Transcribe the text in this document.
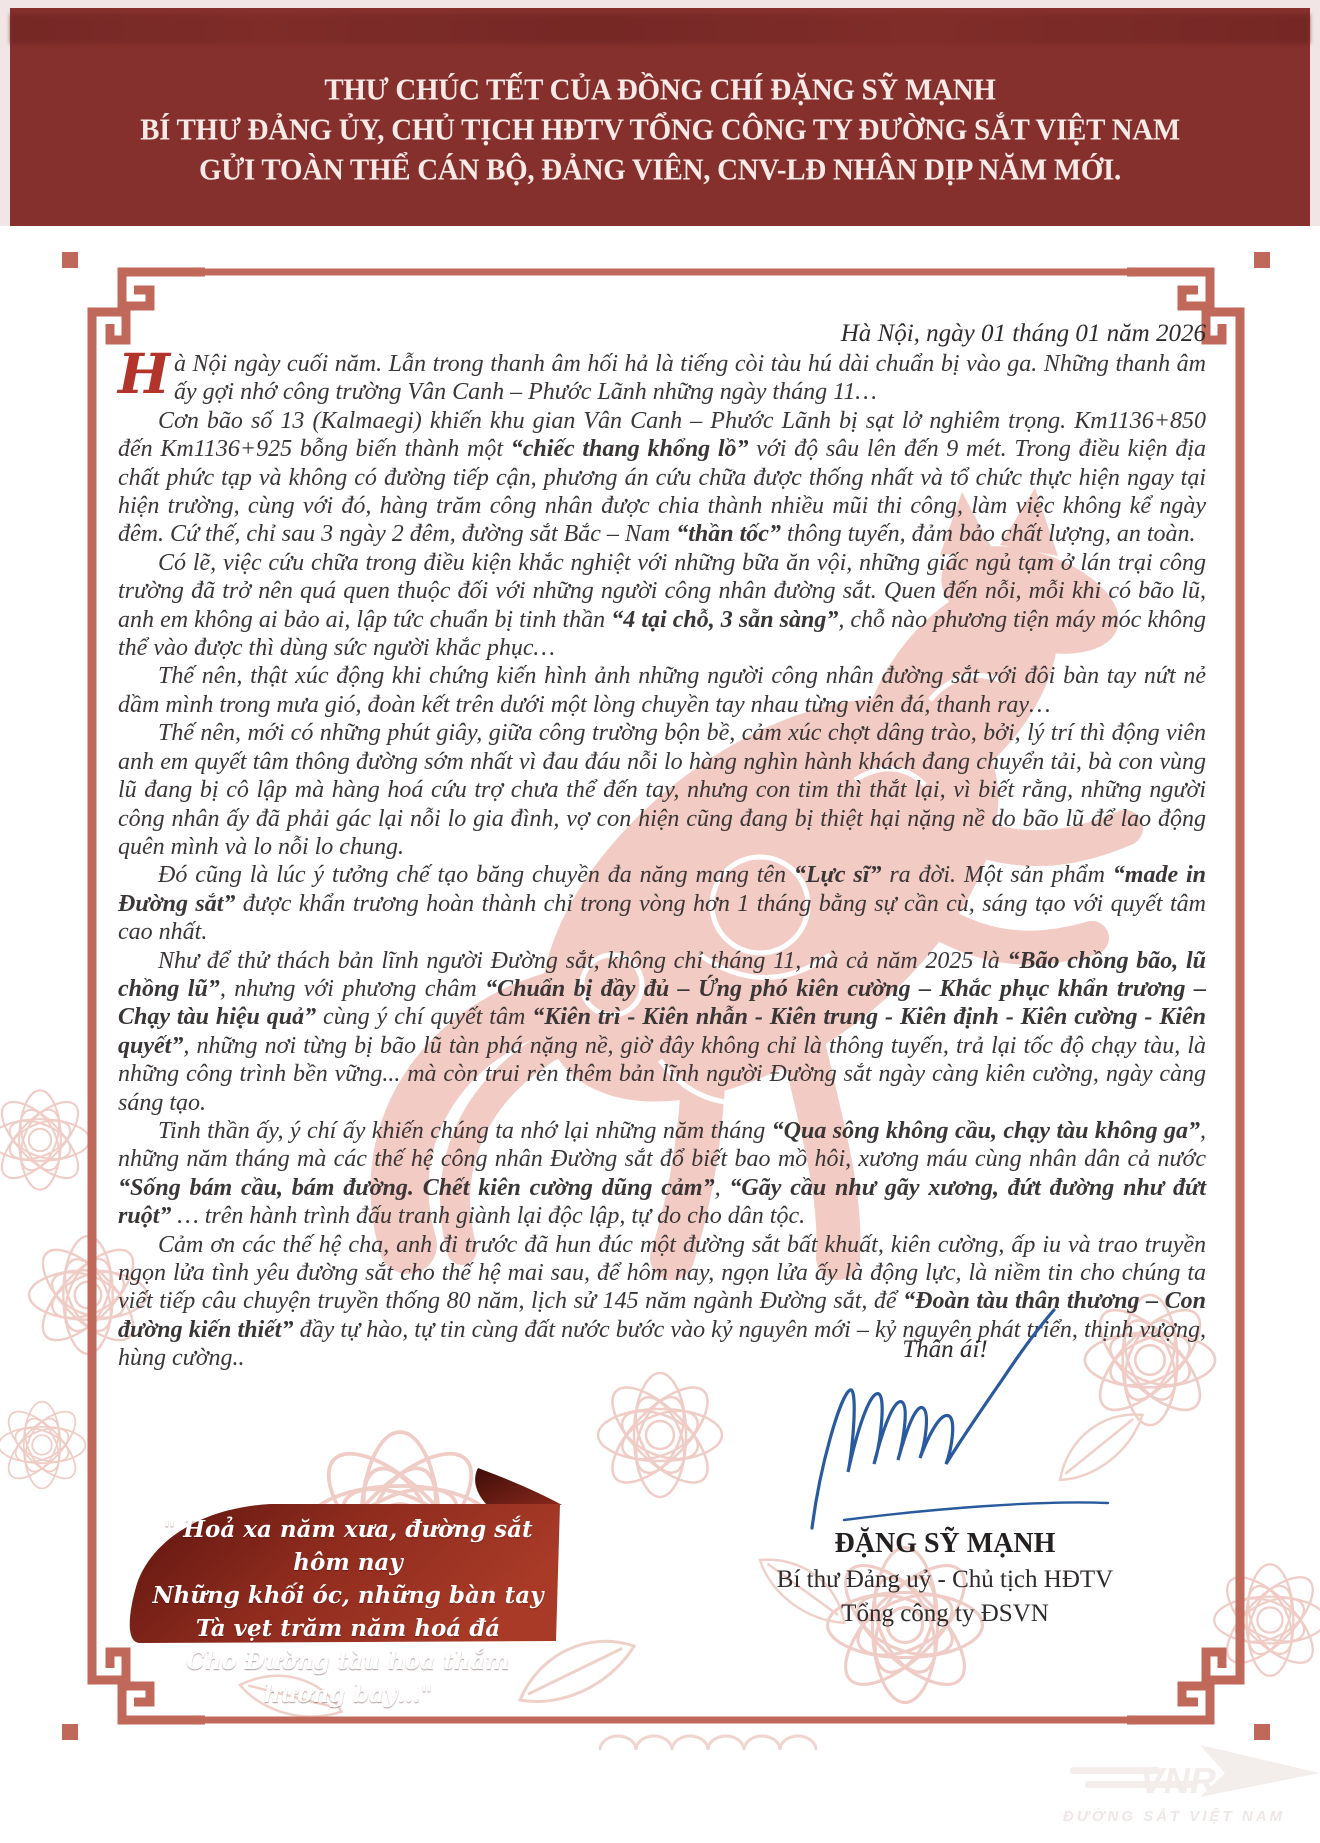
VNR
ĐƯỜNG SẮT VIỆT NAM
THƯ CHÚC TẾT CỦA ĐỒNG CHÍ ĐẶNG SỸ MẠNH
BÍ THƯ ĐẢNG ỦY, CHỦ TỊCH HĐTV TỔNG CÔNG TY ĐƯỜNG SẮT VIỆT NAM
GỬI TOÀN THỂ CÁN BỘ, ĐẢNG VIÊN, CNV-LĐ NHÂN DỊP NĂM MỚI.
Hà Nội, ngày 01 tháng 01 năm 2026

Hà Nội ngày cuối năm. Lẫn trong thanh âm hối hả là tiếng còi tàu hú dài chuẩn bị vào ga. Những thanh âm ấy gợi nhớ công trường Vân Canh – Phước Lãnh những ngày tháng 11…

Cơn bão số 13 (Kalmaegi) khiến khu gian Vân Canh – Phước Lãnh bị sạt lở nghiêm trọng. Km1136+850 đến Km1136+925 bỗng biến thành một “chiếc thang khổng lồ” với độ sâu lên đến 9 mét. Trong điều kiện địa chất phức tạp và không có đường tiếp cận, phương án cứu chữa được thống nhất và tổ chức thực hiện ngay tại hiện trường, cùng với đó, hàng trăm công nhân được chia thành nhiều mũi thi công, làm việc không kể ngày đêm. Cứ thế, chỉ sau 3 ngày 2 đêm, đường sắt Bắc – Nam “thần tốc” thông tuyến, đảm bảo chất lượng, an toàn.

Có lẽ, việc cứu chữa trong điều kiện khắc nghiệt với những bữa ăn vội, những giấc ngủ tạm ở lán trại công trường đã trở nên quá quen thuộc đối với những người công nhân đường sắt. Quen đến nỗi, mỗi khi có bão lũ, anh em không ai bảo ai, lập tức chuẩn bị tinh thần “4 tại chỗ, 3 sẵn sàng”, chỗ nào phương tiện máy móc không thể vào được thì dùng sức người khắc phục…

Thế nên, thật xúc động khi chứng kiến hình ảnh những người công nhân đường sắt với đôi bàn tay nứt nẻ dầm mình trong mưa gió, đoàn kết trên dưới một lòng chuyền tay nhau từng viên đá, thanh ray…

Thế nên, mới có những phút giây, giữa công trường bộn bề, cảm xúc chợt dâng trào, bởi, lý trí thì động viên anh em quyết tâm thông đường sớm nhất vì đau đáu nỗi lo hàng nghìn hành khách đang chuyển tải, bà con vùng lũ đang bị cô lập mà hàng hoá cứu trợ chưa thể đến tay, nhưng con tim thì thắt lại, vì biết rằng, những người công nhân ấy đã phải gác lại nỗi lo gia đình, vợ con hiện cũng đang bị thiệt hại nặng nề do bão lũ để lao động quên mình và lo nỗi lo chung.

Đó cũng là lúc ý tưởng chế tạo băng chuyền đa năng mang tên “Lực sĩ” ra đời. Một sản phẩm “made in Đường sắt” được khẩn trương hoàn thành chỉ trong vòng hơn 1 tháng bằng sự cần cù, sáng tạo với quyết tâm cao nhất.

Như để thử thách bản lĩnh người Đường sắt, không chỉ tháng 11, mà cả năm 2025 là “Bão chồng bão, lũ chồng lũ”, nhưng với phương châm “Chuẩn bị đầy đủ – Ứng phó kiên cường – Khắc phục khẩn trương – Chạy tàu hiệu quả” cùng ý chí quyết tâm “Kiên trì - Kiên nhẫn - Kiên trung - Kiên định - Kiên cường - Kiên quyết”, những nơi từng bị bão lũ tàn phá nặng nề, giờ đây không chỉ là thông tuyến, trả lại tốc độ chạy tàu, là những công trình bền vững... mà còn trui rèn thêm bản lĩnh người Đường sắt ngày càng kiên cường, ngày càng sáng tạo.

Tinh thần ấy, ý chí ấy khiến chúng ta nhớ lại những năm tháng “Qua sông không cầu, chạy tàu không ga”, những năm tháng mà các thế hệ công nhân Đường sắt đổ biết bao mồ hôi, xương máu cùng nhân dân cả nước “Sống bám cầu, bám đường. Chết kiên cường dũng cảm”, “Gãy cầu như gãy xương, đứt đường như đứt ruột” … trên hành trình đấu tranh giành lại độc lập, tự do cho dân tộc.

Cảm ơn các thế hệ cha, anh đi trước đã hun đúc một đường sắt bất khuất, kiên cường, ấp iu và trao truyền ngọn lửa tình yêu đường sắt cho thế hệ mai sau, để hôm nay, ngọn lửa ấy là động lực, là niềm tin cho chúng ta viết tiếp câu chuyện truyền thống 80 năm, lịch sử 145 năm ngành Đường sắt, để “Đoàn tàu thân thương – Con đường kiến thiết” đầy tự hào, tự tin cùng đất nước bước vào kỷ nguyên mới – kỷ nguyên phát triển, thịnh vượng, hùng cường..	Thân ái!
ĐẶNG SỸ MẠNH
Bí thư Đảng uỷ - Chủ tịch HĐTV
Tổng công ty ĐSVN
" Hoả xa năm xưa, đường sắt hôm nay
Những khối óc, những bàn tay
Tà vẹt trăm năm hoá đá
Cho Đường tàu hoa thắm hương bay…"
